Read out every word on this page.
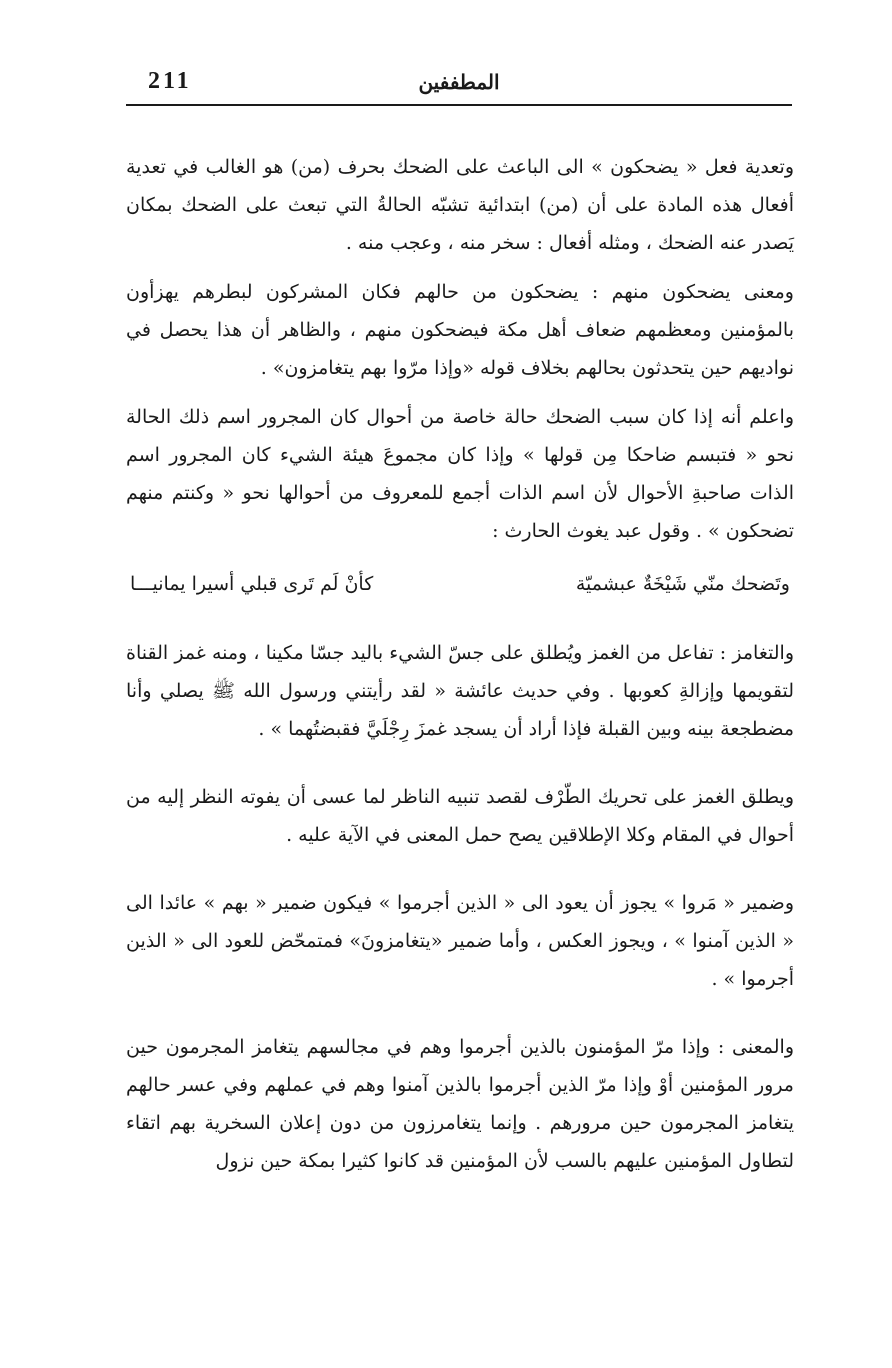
211	المطففين

وتعدية فعل « يضحكون » الى الباعث على الضحك بحرف (من) هو الغالب في تعدية أفعال هذه المادة على أن (من) ابتدائية تشبّه الحالةُ التي تبعث على الضحك بمكان يَصدر عنه الضحك ، ومثله أفعال : سخر منه ، وعجب منه .

ومعنى يضحكون منهم : يضحكون من حالهم فكان المشركون لبطرهم يهزأون بالمؤمنين ومعظمهم ضعاف أهل مكة فيضحكون منهم ، والظاهر أن هذا يحصل في نواديهم حين يتحدثون بحالهم بخلاف قوله «وإذا مرّوا بهم يتغامزون» .

واعلم أنه إذا كان سبب الضحك حالة خاصة من أحوال كان المجرور اسم ذلك الحالة نحو « فتبسم ضاحكا مِن قولها » وإذا كان مجموعَ هيئة الشيء كان المجرور اسم الذات صاحبةِ الأحوال لأن اسم الذات أجمع للمعروف من أحوالها نحو « وكنتم منهم تضحكون » . وقول عبد يغوث الحارث :

وتَضحك منّي شَيْخَةٌ عبشميّة
كأنْ لَم تَرى قبلي أسيرا يمانيـــا

والتغامز : تفاعل من الغمز ويُطلق على جسّ الشيء باليد جسّا مكينا ، ومنه غمز القناة لتقويمها وإزالةِ كعوبها . وفي حديث عائشة « لقد رأيتني ورسول الله ﷺ يصلي وأنا مضطجعة بينه وبين القبلة فإذا أراد أن يسجد غمزَ رِجْلَيَّ فقبضتُهما » .

ويطلق الغمز على تحريك الطّرْف لقصد تنبيه الناظر لما عسى أن يفوته النظر إليه من أحوال في المقام وكلا الإطلاقين يصح حمل المعنى في الآية عليه .

وضمير « مَروا » يجوز أن يعود الى « الذين أجرموا » فيكون ضمير « بهم » عائدا الى « الذين آمنوا » ، ويجوز العكس ، وأما ضمير «يتغامزونَ» فمتمحّض للعود الى « الذين أجرموا » .

والمعنى : وإذا مرّ المؤمنون بالذين أجرموا وهم في مجالسهم يتغامز المجرمون حين مرور المؤمنين أوْ وإذا مرّ الذين أجرموا بالذين آمنوا وهم في عملهم وفي عسر حالهم يتغامز المجرمون حين مرورهم . وإنما يتغامرزون من دون إعلان السخرية بهم اتقاء لتطاول المؤمنين عليهم بالسب لأن المؤمنين قد كانوا كثيرا بمكة حين نزول
